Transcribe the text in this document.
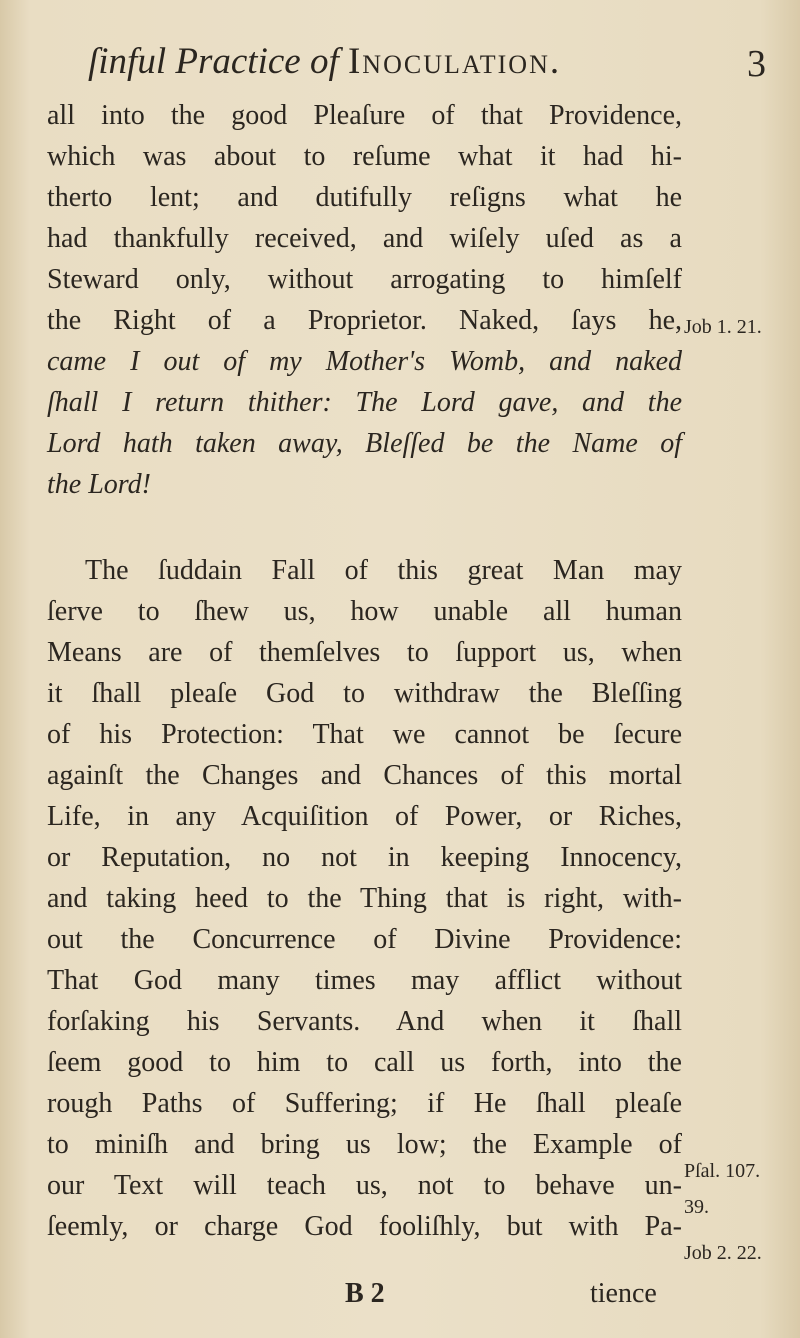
ſinful Practice of Inoculation.	3
all into the good Pleaſure of that Providence,
which was about to reſume what it had hi-
therto lent; and dutifully reſigns what he
had thankfully received, and wiſely uſed as a
Steward only, without arrogating to himſelf
the Right of a Proprietor. Naked, ſays he,
came I out of my Mother's Womb, and naked
ſhall I return thither: The Lord gave, and the
Lord hath taken away, Bleſſed be the Name of
the Lord!
The ſuddain Fall of this great Man may
ſerve to ſhew us, how unable all human
Means are of themſelves to ſupport us, when
it ſhall pleaſe God to withdraw the Bleſſing
of his Protection: That we cannot be ſecure
againſt the Changes and Chances of this mortal
Life, in any Acquiſition of Power, or Riches,
or Reputation, no not in keeping Innocency,
and taking heed to the Thing that is right, with-
out the Concurrence of Divine Providence:
That God many times may afflict without
forſaking his Servants. And when it ſhall
ſeem good to him to call us forth, into the
rough Paths of Suffering; if He ſhall pleaſe
to miniſh and bring us low; the Example of
our Text will teach us, not to behave un-
ſeemly, or charge God fooliſhly, but with Pa-
Job 1. 21.
Pſal. 107.
39.
Job 2. 22.
B 2	tience
